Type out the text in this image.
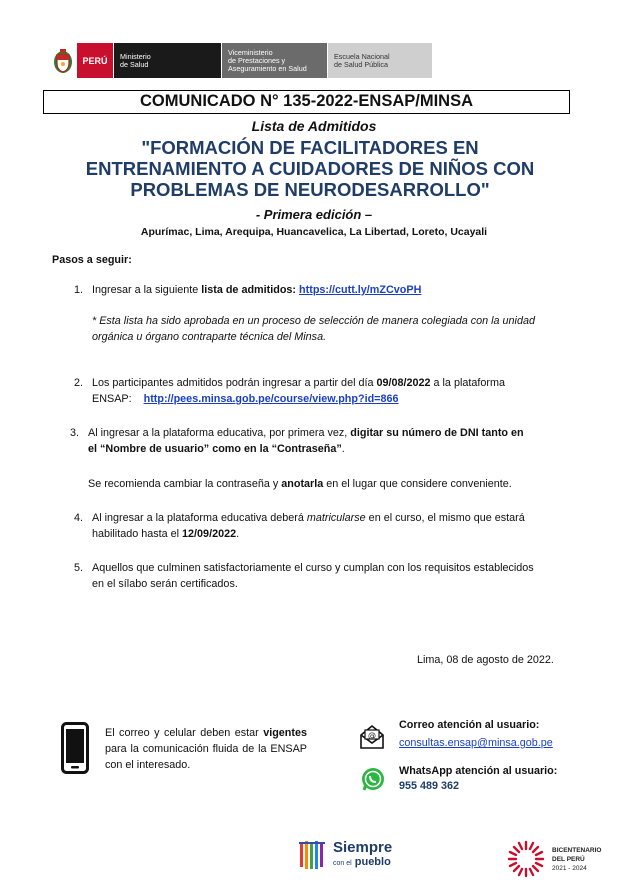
PERÚ	Ministerio
de Salud
Viceministerio
de Prestaciones y
Aseguramiento en Salud
Escuela Nacional
de Salud Pública
COMUNICADO N° 135-2022-ENSAP/MINSA
Lista de Admitidos
"FORMACIÓN DE FACILITADORES EN
ENTRENAMIENTO A CUIDADORES DE NIÑOS CON
PROBLEMAS DE NEURODESARROLLO"
- Primera edición –
Apurímac, Lima, Arequipa, Huancavelica, La Libertad, Loreto, Ucayali
Pasos a seguir:
1. Ingresar a la siguiente lista de admitidos: https://cutt.ly/mZCvoPH
* Esta lista ha sido aprobada en un proceso de selección de manera colegiada con la unidad
orgánica u órgano contraparte técnica del Minsa.
2. Los participantes admitidos podrán ingresar a partir del día 09/08/2022 a la plataforma
ENSAP: http://pees.minsa.gob.pe/course/view.php?id=866
3. Al ingresar a la plataforma educativa, por primera vez, digitar su número de DNI tanto en
el “Nombre de usuario” como en la “Contraseña”.
Se recomienda cambiar la contraseña y anotarla en el lugar que considere conveniente.
4. Al ingresar a la plataforma educativa deberá matricularse en el curso, el mismo que estará
habilitado hasta el 12/09/2022.
5. Aquellos que culminen satisfactoriamente el curso y cumplan con los requisitos establecidos
en el sílabo serán certificados.
Lima, 08 de agosto de 2022.
El correo y celular deben estar vigentes para la comunicación fluida de la ENSAP con el interesado.
@
Correo atención al usuario:
consultas.ensap@minsa.gob.pe
WhatsApp atención al usuario:
955 489 362
Siempre
con el pueblo
BICENTENARIO
DEL PERÚ
2021 - 2024
